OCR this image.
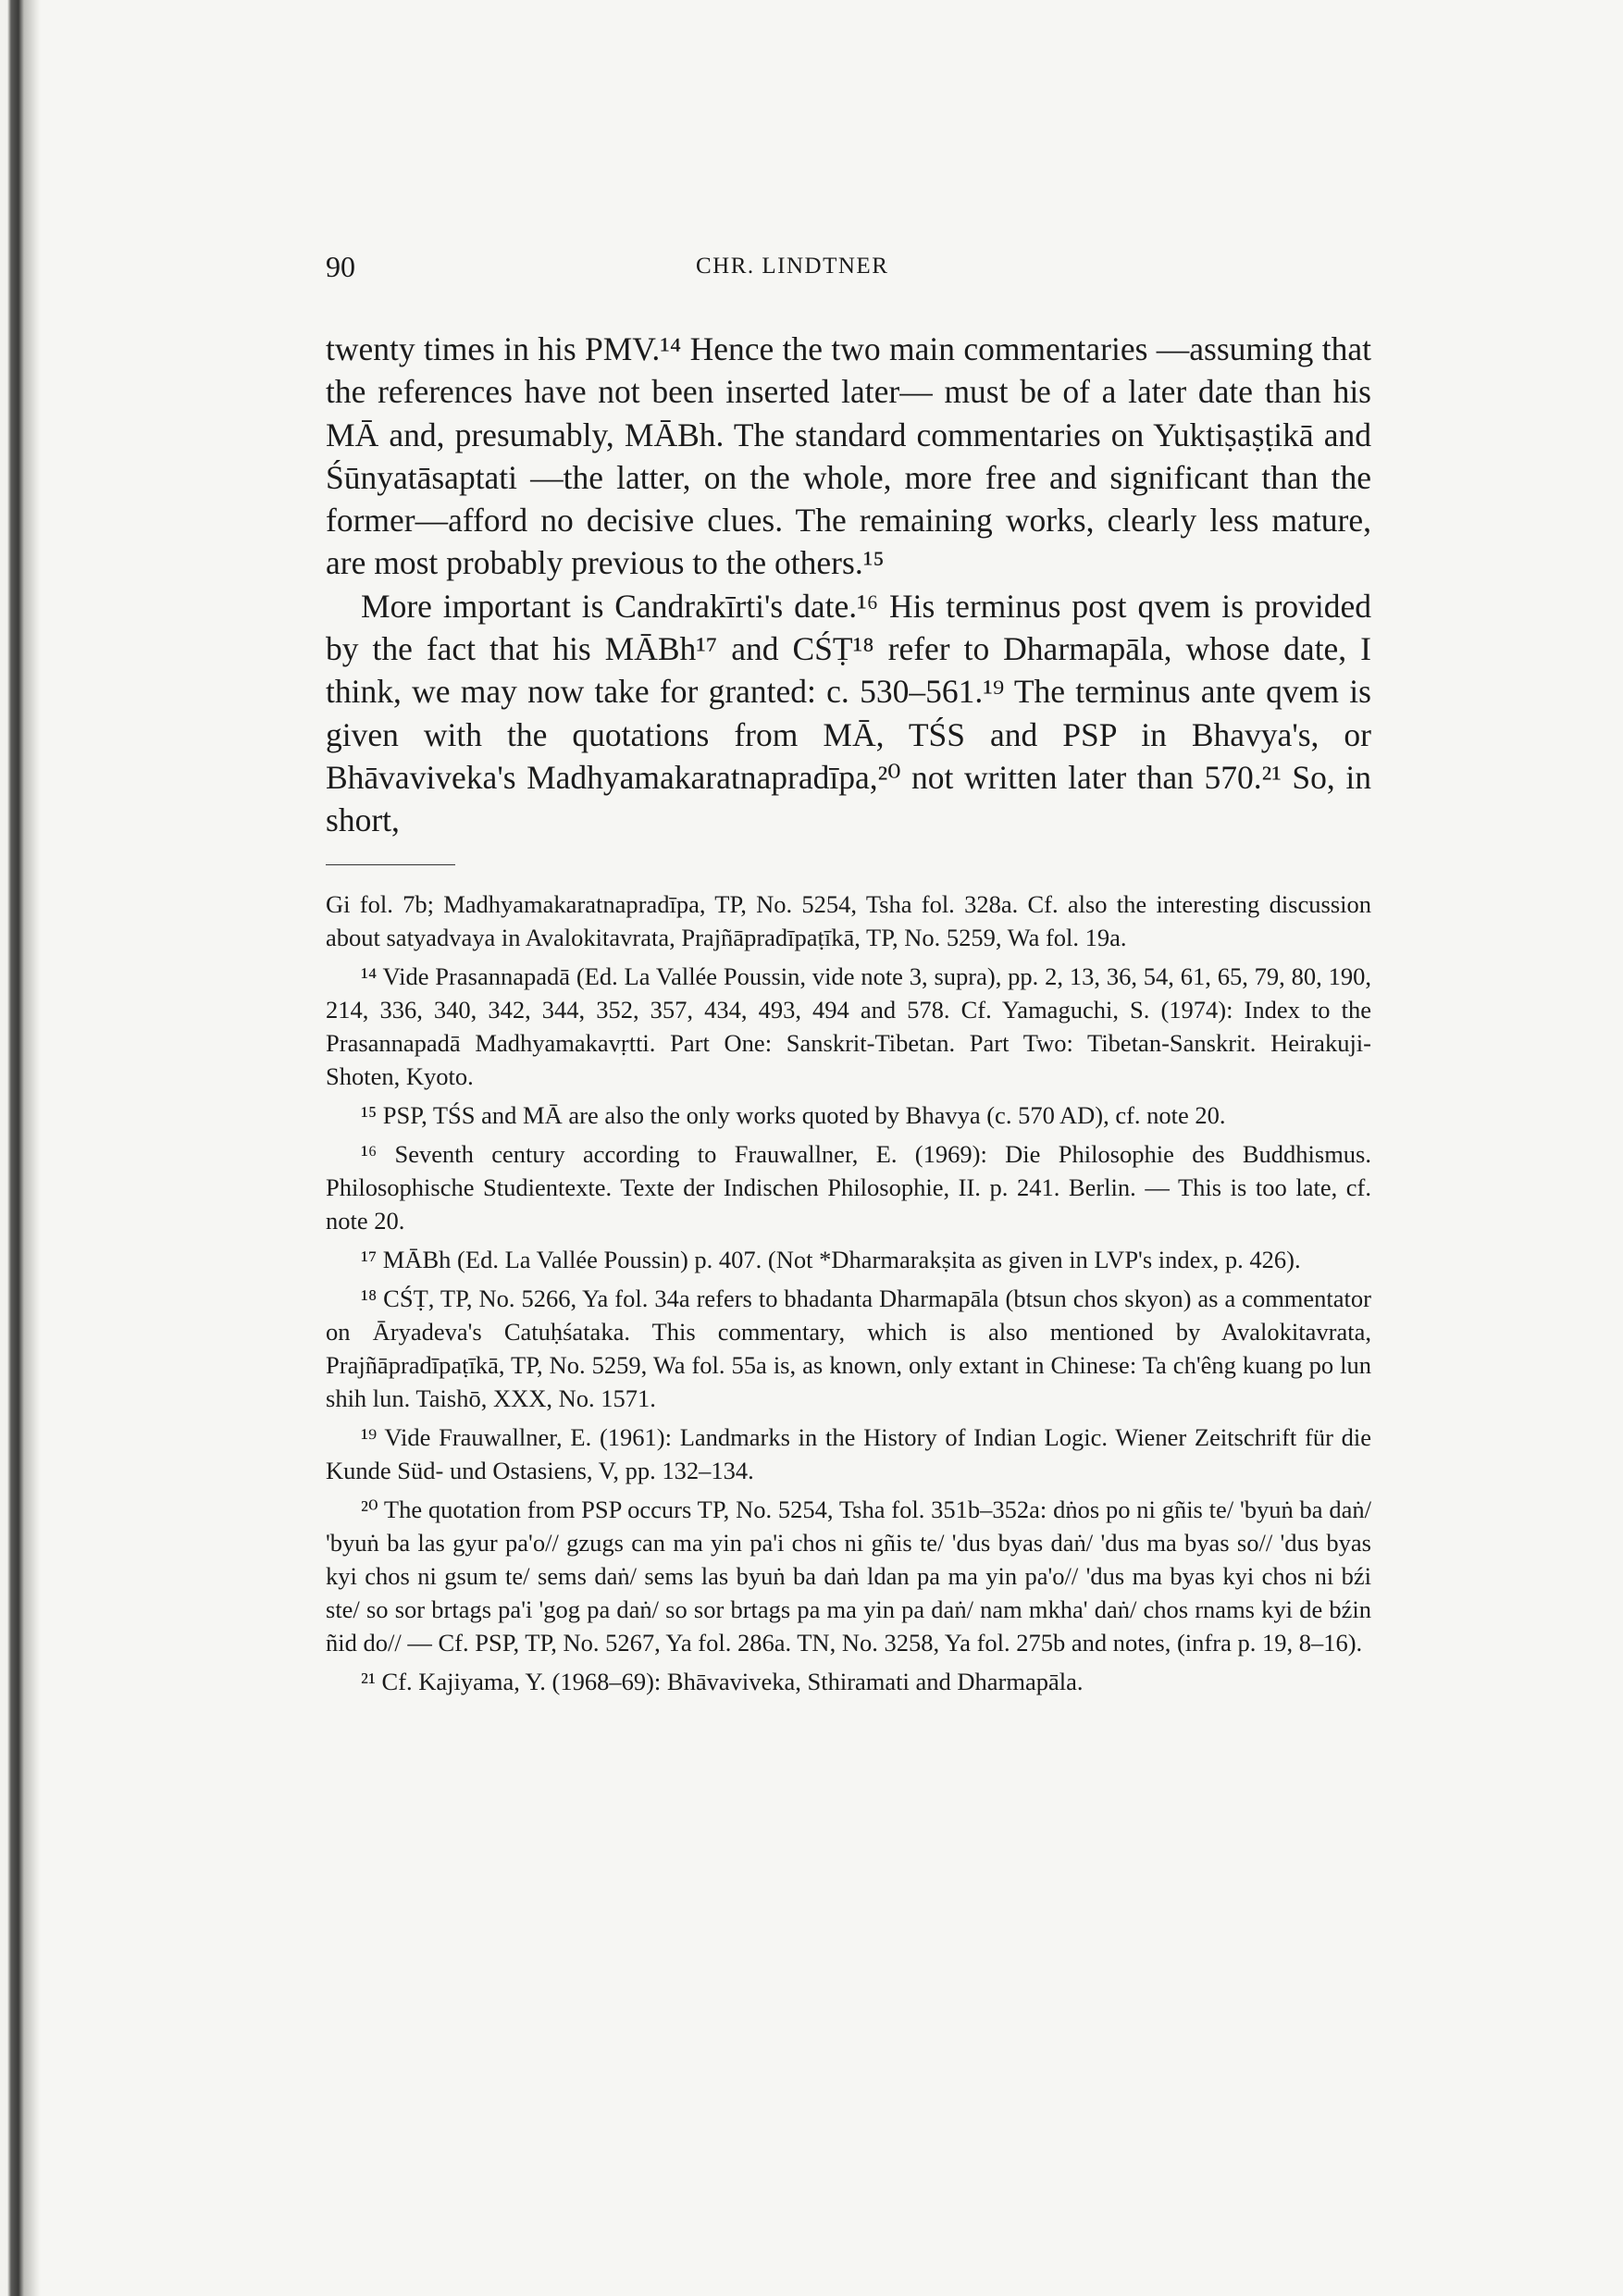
90	CHR. LINDTNER

twenty times in his PMV.¹⁴ Hence the two main commentaries —assuming that the references have not been inserted later— must be of a later date than his MĀ and, presumably, MĀBh. The standard commentaries on Yuktiṣaṣṭikā and Śūnyatāsaptati —the latter, on the whole, more free and significant than the former—afford no decisive clues. The remaining works, clearly less mature, are most probably previous to the others.¹⁵

More important is Candrakīrti's date.¹⁶ His terminus post qvem is provided by the fact that his MĀBh¹⁷ and CŚṬ¹⁸ refer to Dharmapāla, whose date, I think, we may now take for granted: c. 530–561.¹⁹ The terminus ante qvem is given with the quotations from MĀ, TŚS and PSP in Bhavya's, or Bhāvaviveka's Madhyamakaratnapradīpa,²⁰ not written later than 570.²¹ So, in short,

Gi fol. 7b; Madhyamakaratnapradīpa, TP, No. 5254, Tsha fol. 328a. Cf. also the interesting discussion about satyadvaya in Avalokitavrata, Prajñāpradīpaṭīkā, TP, No. 5259, Wa fol. 19a.

¹⁴ Vide Prasannapadā (Ed. La Vallée Poussin, vide note 3, supra), pp. 2, 13, 36, 54, 61, 65, 79, 80, 190, 214, 336, 340, 342, 344, 352, 357, 434, 493, 494 and 578. Cf. Yamaguchi, S. (1974): Index to the Prasannapadā Madhyamakavṛtti. Part One: Sanskrit-Tibetan. Part Two: Tibetan-Sanskrit. Heirakuji-Shoten, Kyoto.

¹⁵ PSP, TŚS and MĀ are also the only works quoted by Bhavya (c. 570 AD), cf. note 20.

¹⁶ Seventh century according to Frauwallner, E. (1969): Die Philosophie des Buddhismus. Philosophische Studientexte. Texte der Indischen Philosophie, II. p. 241. Berlin. — This is too late, cf. note 20.

¹⁷ MĀBh (Ed. La Vallée Poussin) p. 407. (Not *Dharmarakṣita as given in LVP's index, p. 426).

¹⁸ CŚṬ, TP, No. 5266, Ya fol. 34a refers to bhadanta Dharmapāla (btsun chos skyon) as a commentator on Āryadeva's Catuḥśataka. This commentary, which is also mentioned by Avalokitavrata, Prajñāpradīpaṭīkā, TP, No. 5259, Wa fol. 55a is, as known, only extant in Chinese: Ta ch'êng kuang po lun shih lun. Taishō, XXX, No. 1571.

¹⁹ Vide Frauwallner, E. (1961): Landmarks in the History of Indian Logic. Wiener Zeitschrift für die Kunde Süd- und Ostasiens, V, pp. 132–134.

²⁰ The quotation from PSP occurs TP, No. 5254, Tsha fol. 351b–352a: dṅos po ni gñis te/ 'byuṅ ba daṅ/ 'byuṅ ba las gyur pa'o// gzugs can ma yin pa'i chos ni gñis te/ 'dus byas daṅ/ 'dus ma byas so// 'dus byas kyi chos ni gsum te/ sems daṅ/ sems las byuṅ ba daṅ ldan pa ma yin pa'o// 'dus ma byas kyi chos ni bźi ste/ so sor brtags pa'i 'gog pa daṅ/ so sor brtags pa ma yin pa daṅ/ nam mkha' daṅ/ chos rnams kyi de bźin ñid do// — Cf. PSP, TP, No. 5267, Ya fol. 286a. TN, No. 3258, Ya fol. 275b and notes, (infra p. 19, 8–16).

²¹ Cf. Kajiyama, Y. (1968–69): Bhāvaviveka, Sthiramati and Dharmapāla.
